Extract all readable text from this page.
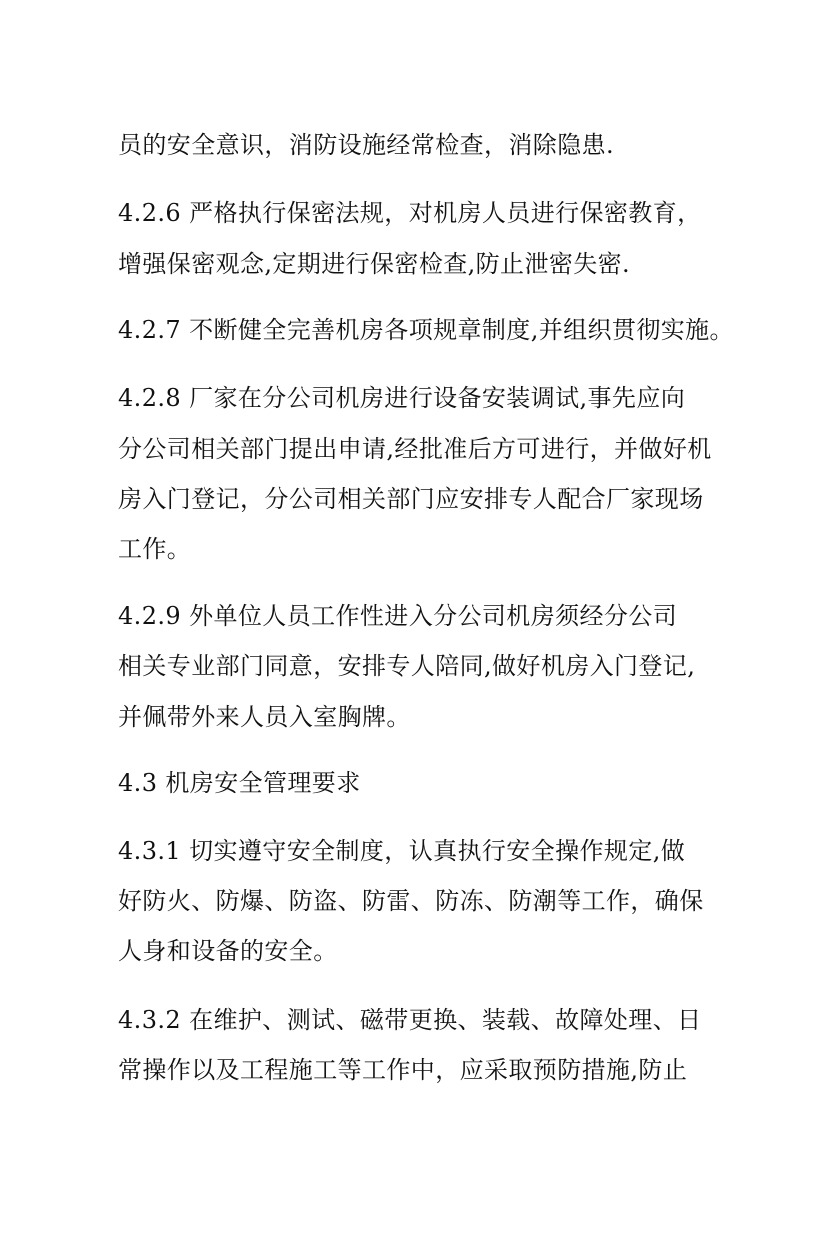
员的安全意识，消防设施经常检查，消除隐患.
4.2.6 严格执行保密法规，对机房人员进行保密教育，
增强保密观念,定期进行保密检查,防止泄密失密.
4.2.7 不断健全完善机房各项规章制度,并组织贯彻实施。
4.2.8 厂家在分公司机房进行设备安装调试,事先应向
分公司相关部门提出申请,经批准后方可进行，并做好机
房入门登记，分公司相关部门应安排专人配合厂家现场
工作。
4.2.9 外单位人员工作性进入分公司机房须经分公司
相关专业部门同意，安排专人陪同,做好机房入门登记,
并佩带外来人员入室胸牌。
4.3 机房安全管理要求
4.3.1 切实遵守安全制度，认真执行安全操作规定,做
好防火、防爆、防盗、防雷、防冻、防潮等工作，确保
人身和设备的安全。
4.3.2 在维护、测试、磁带更换、装载、故障处理、日
常操作以及工程施工等工作中，应采取预防措施,防止
